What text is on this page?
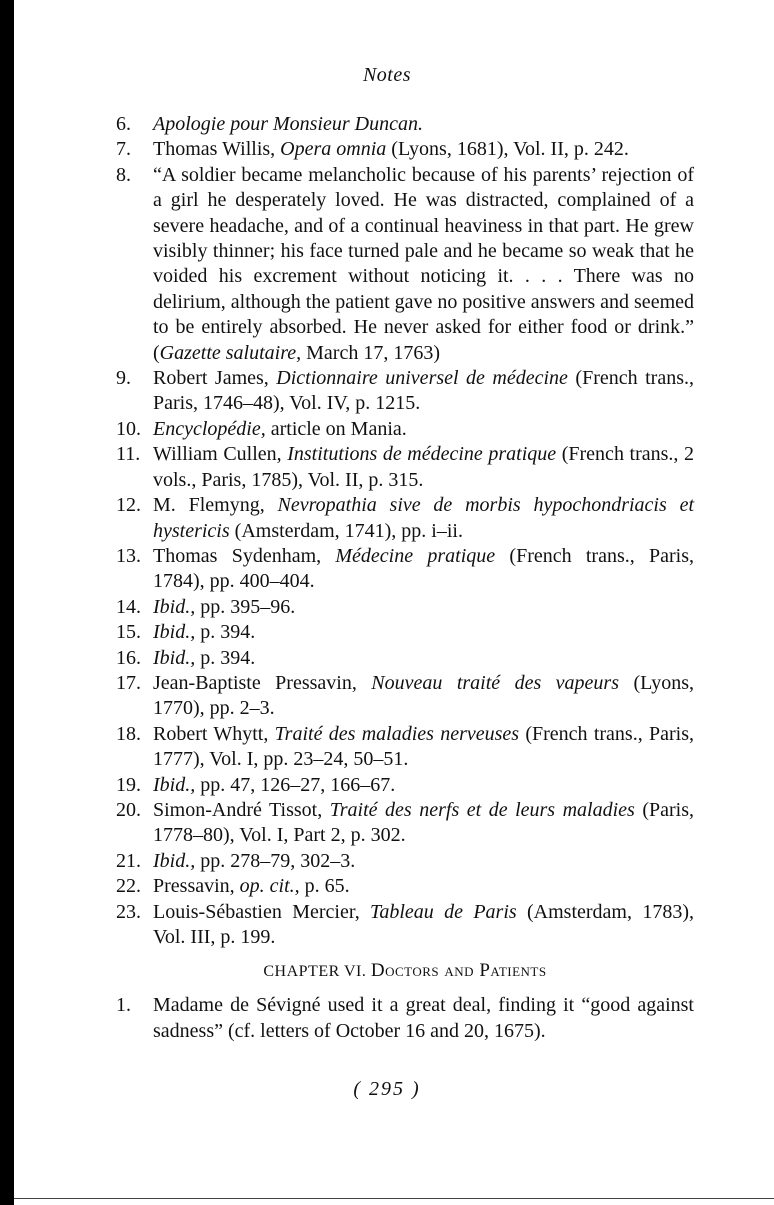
Notes
6.	Apologie pour Monsieur Duncan.
7.	Thomas Willis, Opera omnia (Lyons, 1681), Vol. II, p. 242.
8.	“A soldier became melancholic because of his parents’ rejection of a girl he desperately loved. He was distracted, complained of a severe headache, and of a continual heaviness in that part. He grew visibly thinner; his face turned pale and he became so weak that he voided his excrement without noticing it. . . . There was no delirium, although the patient gave no positive answers and seemed to be entirely absorbed. He never asked for either food or drink.” (Gazette salutaire, March 17, 1763)
9.	Robert James, Dictionnaire universel de médecine (French trans., Paris, 1746–48), Vol. IV, p. 1215.
10. Encyclopédie, article on Mania.
11. William Cullen, Institutions de médecine pratique (French trans., 2 vols., Paris, 1785), Vol. II, p. 315.
12. M. Flemyng, Nevropathia sive de morbis hypochondriacis et hystericis (Amsterdam, 1741), pp. i–ii.
13. Thomas Sydenham, Médecine pratique (French trans., Paris, 1784), pp. 400–404.
14. Ibid., pp. 395–96.
15. Ibid., p. 394.
16. Ibid., p. 394.
17. Jean-Baptiste Pressavin, Nouveau traité des vapeurs (Lyons, 1770), pp. 2–3.
18. Robert Whytt, Traité des maladies nerveuses (French trans., Paris, 1777), Vol. I, pp. 23–24, 50–51.
19. Ibid., pp. 47, 126–27, 166–67.
20. Simon-André Tissot, Traité des nerfs et de leurs maladies (Paris, 1778–80), Vol. I, Part 2, p. 302.
21. Ibid., pp. 278–79, 302–3.
22. Pressavin, op. cit., p. 65.
23. Louis-Sébastien Mercier, Tableau de Paris (Amsterdam, 1783), Vol. III, p. 199.
CHAPTER VI. Doctors and Patients
1.	Madame de Sévigné used it a great deal, finding it “good against sadness” (cf. letters of October 16 and 20, 1675).
( 295 )
